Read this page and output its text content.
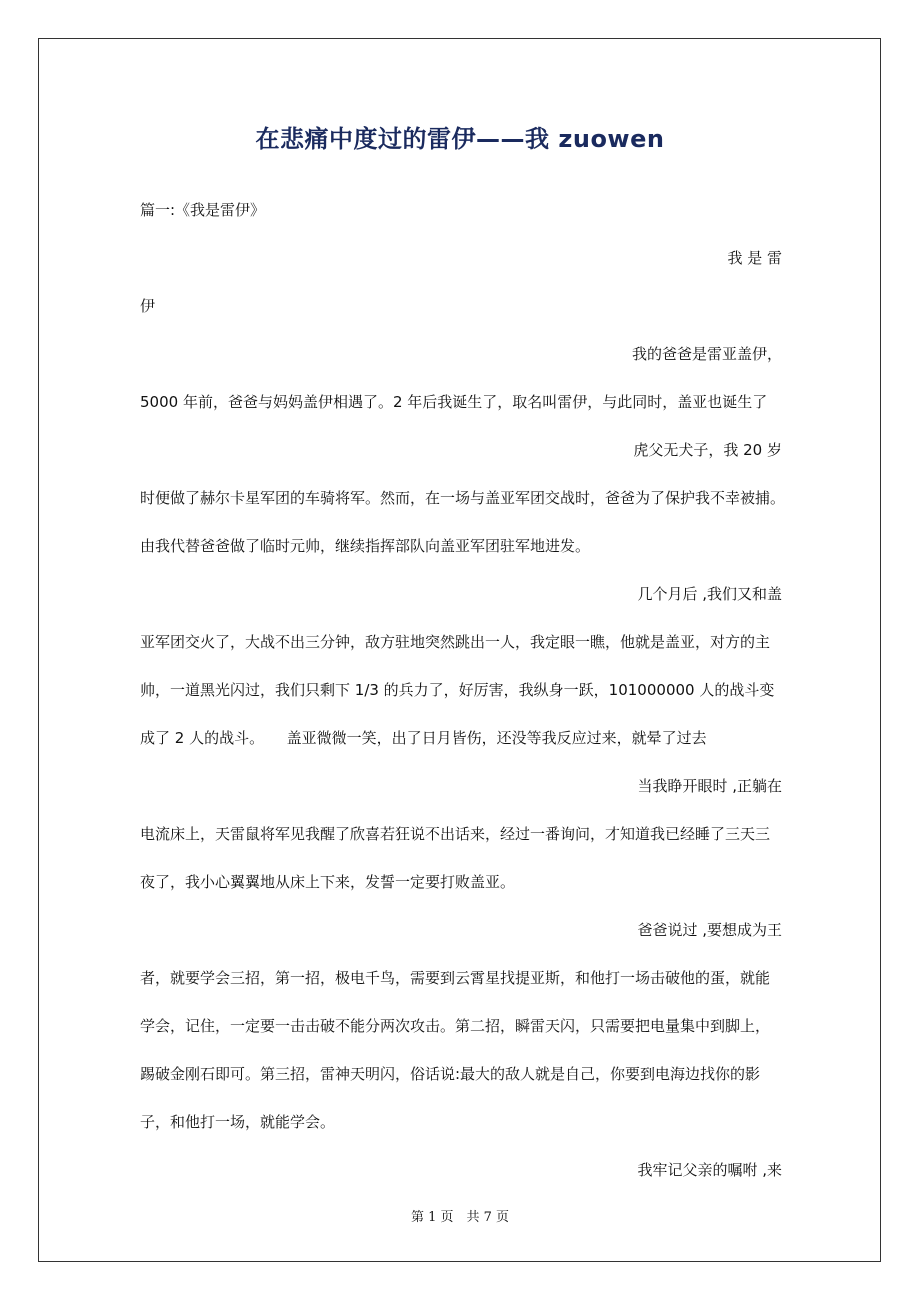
在悲痛中度过的雷伊——我 zuowen
篇一:《我是雷伊》
我 是 雷
伊
我的爸爸是雷亚盖伊，
5000 年前，爸爸与妈妈盖伊相遇了。2 年后我诞生了，取名叫雷伊，与此同时，盖亚也诞生了
虎父无犬子，我 20 岁
时便做了赫尔卡星军团的车骑将军。然而，在一场与盖亚军团交战时，爸爸为了保护我不幸被捕。
由我代替爸爸做了临时元帅，继续指挥部队向盖亚军团驻军地进发。
几个月后 ,我们又和盖
亚军团交火了，大战不出三分钟，敌方驻地突然跳出一人，我定眼一瞧，他就是盖亚，对方的主
帅，一道黑光闪过，我们只剩下 1/3 的兵力了，好厉害，我纵身一跃，101000000 人的战斗变
成了 2 人的战斗。　　盖亚微微一笑，出了日月皆伤，还没等我反应过来，就晕了过去
当我睁开眼时 ,正躺在
电流床上，天雷鼠将军见我醒了欣喜若狂说不出话来，经过一番询问，才知道我已经睡了三天三
夜了，我小心翼翼地从床上下来，发誓一定要打败盖亚。
爸爸说过 ,要想成为王
者，就要学会三招，第一招，极电千鸟，需要到云霄星找提亚斯，和他打一场击破他的蛋，就能
学会，记住，一定要一击击破不能分两次攻击。第二招，瞬雷天闪，只需要把电量集中到脚上，
踢破金刚石即可。第三招，雷神天明闪，俗话说:最大的敌人就是自己，你要到电海边找你的影
子，和他打一场，就能学会。
我牢记父亲的嘱咐 ,来
第 1 页　共 7 页
